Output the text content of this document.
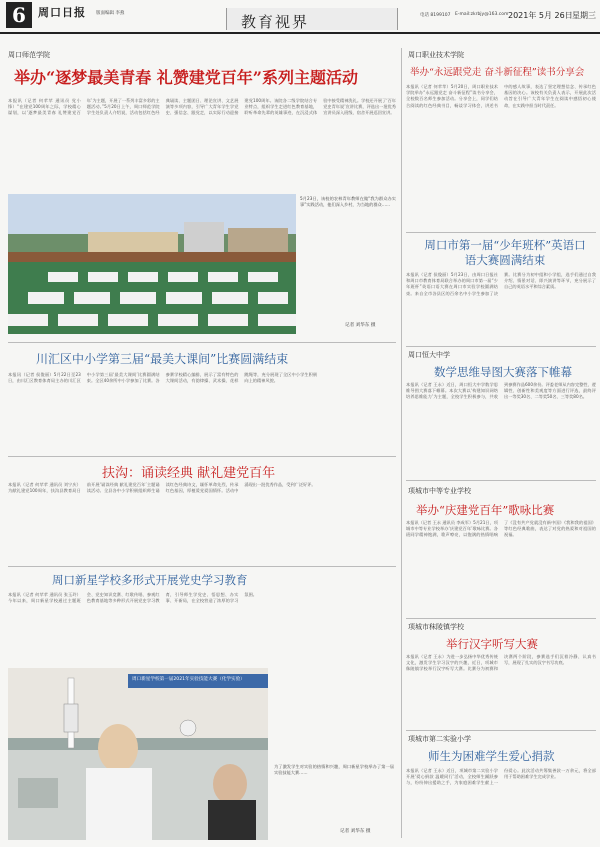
6	周口日报 版面编辑 李燕	教育视界	电话 8199107 E-mail:zkrbjy@163.com 2021年 5月 26日 星期三
周口师范学院
举办“逐梦最美青春 礼赞建党百年”系列主题活动
本报讯（记者 何苹苹 通讯员 党小锋）“在建党100周年之际，学校精心谋划，以‘逐梦最美青春 礼赞建党百年’为主题，开展了一系列丰富多彩的主题活动。”5月20日上午，周口师范学院学生处负责人介绍说，活动包括红色经典诵读、主题团日、理论宣讲、文艺展演等多项内容，引导广大青年学生学党史、强信念、跟党走，以实际行动迎接建党100周年。该院各二级学院结合专业特点，组织学生走进红色教育基地，聆听革命先辈的英雄事迹，在沉浸式体验中接受精神洗礼。学校还开展了‘百年党史青年说’宣讲比赛，评选出一批优秀宣讲员深入班级、宿舍开展巡回宣讲。
5月23日，该校的农林青年教师在做“我为群众办实事”实践活动，他们深入乡村，为当地的群众……
记者 刘华东 摄
川汇区中小学第三届“最美大课间”比赛圆满结束
本报讯（记者 侯俊丽）5月22日至23日，由川汇区教育体育局主办的川汇区中小学第三届‘最美大课间’比赛圆满结束。全区40余所中小学参加了比赛。各参赛学校精心编排，展示了富有特色的大课间活动，有韵律操、武术操、花样跳绳等，充分展现了全区中小学生积极向上的精神风貌。
扶沟：诵读经典 献礼建党百年
本报讯（记者 何苹苹 通讯员 刘宁庆）为献礼建党100周年，扶沟县教育局日前开展‘诵读经典 献礼建党百年’主题诵读活动。全县各中小学积极组织师生诵读红色经典诗文，缅怀革命先烈，传承红色基因，厚植爱党爱国情怀。活动中涌现出一批优秀作品，受到广泛好评。
周口新星学校多形式开展党史学习教育
本报讯（记者 何苹苹 通讯员 张玉玲）今年以来，周口新星学校通过主题班会、党史知识竞赛、红歌传唱、参观红色教育基地等多种形式开展党史学习教育，引导师生学党史、悟思想、办实事、开新局，在全校营造了浓厚的学习氛围。
周口新星学校第一届2021年实验技能大赛（化学实验）
为了激发学生对实验的热情和兴趣，周口新星学校举办了第一届实验技能大赛……
记者 刘华东 摄
周口职业技术学院
举办“永远跟党走 奋斗新征程”读书分享会
本报讯（记者 何苹苹）5月20日，周口职业技术学院举办“永远跟党走 奋斗新征程”读书分享会，全校数百名师生参加活动。分享会上，同学们结合阅读的红色经典书目，畅谈学习体会，讲述书中的感人故事，表达了坚定理想信念、传承红色基因的决心。该校有关负责人表示，开展此次活动旨在引导广大青年学生在阅读中感悟初心使命，在实践中担当时代责任。
周口市第一届“少年班杯”英语口语大赛圆满结束
本报讯（记者 侯俊丽）5月23日，由周口日报社和周口市教育体育局联合举办的周口市第一届“少年班杯”英语口语大赛在周口市实验学校圆满结束。来自全市各县区的百余名中小学生参加了决赛。比赛分为初中组和小学组，选手们通过自我介绍、情景对话、即兴演讲等环节，充分展示了自己的英语水平和综合素质。
周口恒大中学
数学思维导图大赛落下帷幕
本报讯（记者 王永）近日，周口恒大中学数学思维导图大赛落下帷幕。本次大赛以‘构建知识网络 培养思维能力’为主题，全校学生积极参与，共收到参赛作品600余份。评委老师从内容完整性、逻辑性、创新性和美观度等方面进行评选，最终评出一等奖30名、二等奖50名、三等奖80名。
项城市中等专业学校
举办“庆建党百年”歌咏比赛
本报讯（记者 王永 通讯员 李成军）5月21日，项城市中等专业学校举办‘庆建党百年’歌咏比赛。各班同学精神饱满，歌声嘹亮，以饱满的热情唱响了《没有共产党就没有新中国》《我和我的祖国》等红色经典歌曲，表达了对党的热爱和对祖国的祝福。
项城市秣陵镇学校
举行汉字听写大赛
本报讯（记者 王永）为进一步弘扬中华优秀传统文化，激发学生学习汉字的兴趣，近日，项城市秣陵镇学校举行汉字听写大赛。比赛分为初赛和决赛两个阶段，参赛选手们沉着冷静、认真书写，展现了扎实的汉字书写功底。
项城市第二实验小学
师生为困难学生爱心捐款
本报讯（记者 王永）近日，项城市第二实验小学开展‘爱心捐款 温暖同行’活动，全校师生踊跃参与，纷纷伸出援助之手，为家庭困难学生献上一份爱心。此次活动共筹集善款一万余元，将全部用于帮助困难学生完成学业。
